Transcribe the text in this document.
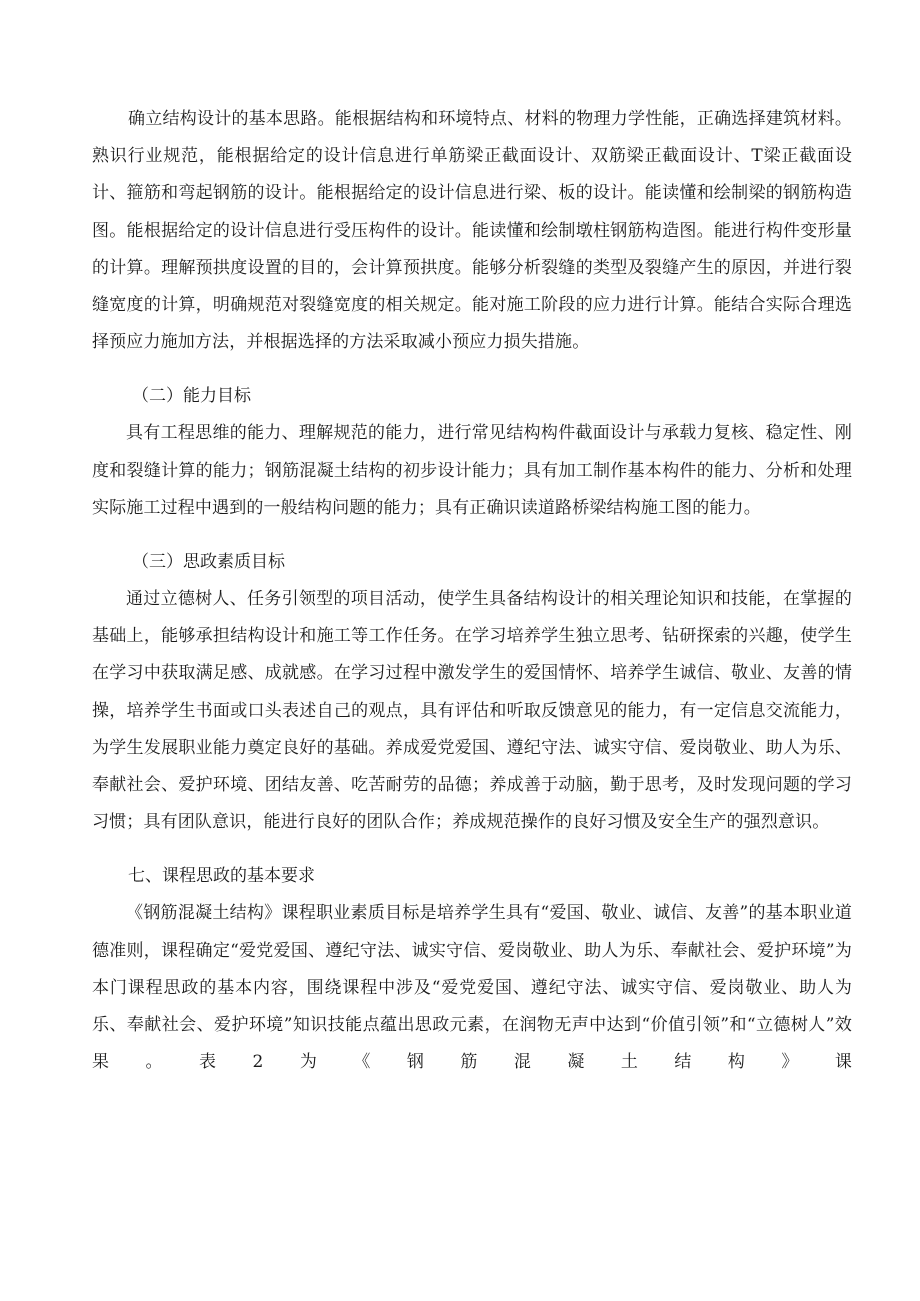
确立结构设计的基本思路。能根据结构和环境特点、材料的物理力学性能，正确选择建筑材料。熟识行业规范，能根据给定的设计信息进行单筋梁正截面设计、双筋梁正截面设计、T梁正截面设计、箍筋和弯起钢筋的设计。能根据给定的设计信息进行梁、板的设计。能读懂和绘制梁的钢筋构造图。能根据给定的设计信息进行受压构件的设计。能读懂和绘制墩柱钢筋构造图。能进行构件变形量的计算。理解预拱度设置的目的，会计算预拱度。能够分析裂缝的类型及裂缝产生的原因，并进行裂缝宽度的计算，明确规范对裂缝宽度的相关规定。能对施工阶段的应力进行计算。能结合实际合理选择预应力施加方法，并根据选择的方法采取减小预应力损失措施。

（二）能力目标

具有工程思维的能力、理解规范的能力，进行常见结构构件截面设计与承载力复核、稳定性、刚度和裂缝计算的能力；钢筋混凝土结构的初步设计能力；具有加工制作基本构件的能力、分析和处理实际施工过程中遇到的一般结构问题的能力；具有正确识读道路桥梁结构施工图的能力。

（三）思政素质目标

通过立德树人、任务引领型的项目活动，使学生具备结构设计的相关理论知识和技能，在掌握的基础上，能够承担结构设计和施工等工作任务。在学习培养学生独立思考、钻研探索的兴趣，使学生在学习中获取满足感、成就感。在学习过程中激发学生的爱国情怀、培养学生诚信、敬业、友善的情操，培养学生书面或口头表述自己的观点，具有评估和听取反馈意见的能力，有一定信息交流能力，为学生发展职业能力奠定良好的基础。养成爱党爱国、遵纪守法、诚实守信、爱岗敬业、助人为乐、奉献社会、爱护环境、团结友善、吃苦耐劳的品德；养成善于动脑，勤于思考，及时发现问题的学习习惯；具有团队意识，能进行良好的团队合作；养成规范操作的良好习惯及安全生产的强烈意识。

七、课程思政的基本要求

《钢筋混凝土结构》课程职业素质目标是培养学生具有“爱国、敬业、诚信、友善”的基本职业道德准则，课程确定“爱党爱国、遵纪守法、诚实守信、爱岗敬业、助人为乐、奉献社会、爱护环境”为本门课程思政的基本内容，围绕课程中涉及“爱党爱国、遵纪守法、诚实守信、爱岗敬业、助人为乐、奉献社会、爱护环境”知识技能点蕴出思政元素，在润物无声中达到“价值引领”和“立德树人”效果。表2为《钢筋混凝土结构》课
